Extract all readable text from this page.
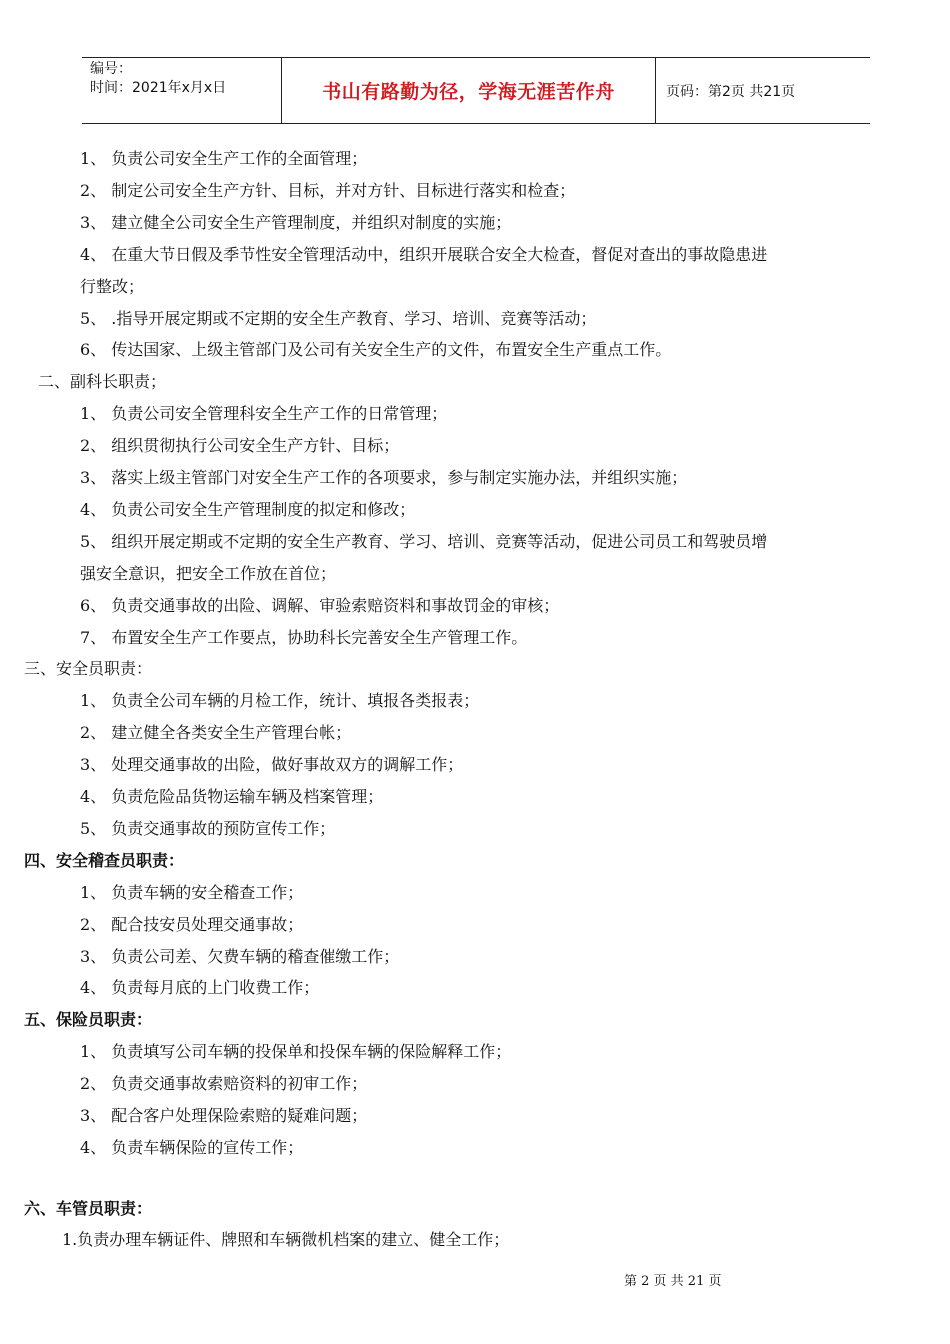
编号：
时间：2021年x月x日	书山有路勤为径，学海无涯苦作舟	页码：第2页 共21页
1、 负责公司安全生产工作的全面管理；
2、 制定公司安全生产方针、目标，并对方针、目标进行落实和检查；
3、 建立健全公司安全生产管理制度，并组织对制度的实施；
4、 在重大节日假及季节性安全管理活动中，组织开展联合安全大检查，督促对查出的事故隐患进
行整改；
5、 .指导开展定期或不定期的安全生产教育、学习、培训、竞赛等活动；
6、 传达国家、上级主管部门及公司有关安全生产的文件，布置安全生产重点工作。
二、副科长职责；
1、 负责公司安全管理科安全生产工作的日常管理；
2、 组织贯彻执行公司安全生产方针、目标；
3、 落实上级主管部门对安全生产工作的各项要求，参与制定实施办法，并组织实施；
4、 负责公司安全生产管理制度的拟定和修改；
5、 组织开展定期或不定期的安全生产教育、学习、培训、竞赛等活动，促进公司员工和驾驶员增
强安全意识，把安全工作放在首位；
6、 负责交通事故的出险、调解、审验索赔资料和事故罚金的审核；
7、 布置安全生产工作要点，协助科长完善安全生产管理工作。
三、安全员职责：
1、 负责全公司车辆的月检工作，统计、填报各类报表；
2、 建立健全各类安全生产管理台帐；
3、 处理交通事故的出险，做好事故双方的调解工作；
4、 负责危险品货物运输车辆及档案管理；
5、 负责交通事故的预防宣传工作；
四、安全稽查员职责：
1、 负责车辆的安全稽查工作；
2、 配合技安员处理交通事故；
3、 负责公司差、欠费车辆的稽查催缴工作；
4、 负责每月底的上门收费工作；
五、保险员职责：
1、 负责填写公司车辆的投保单和投保车辆的保险解释工作；
2、 负责交通事故索赔资料的初审工作；
3、 配合客户处理保险索赔的疑难问题；
4、 负责车辆保险的宣传工作；
六、车管员职责：
1.负责办理车辆证件、牌照和车辆微机档案的建立、健全工作；
第 2 页 共 21 页
